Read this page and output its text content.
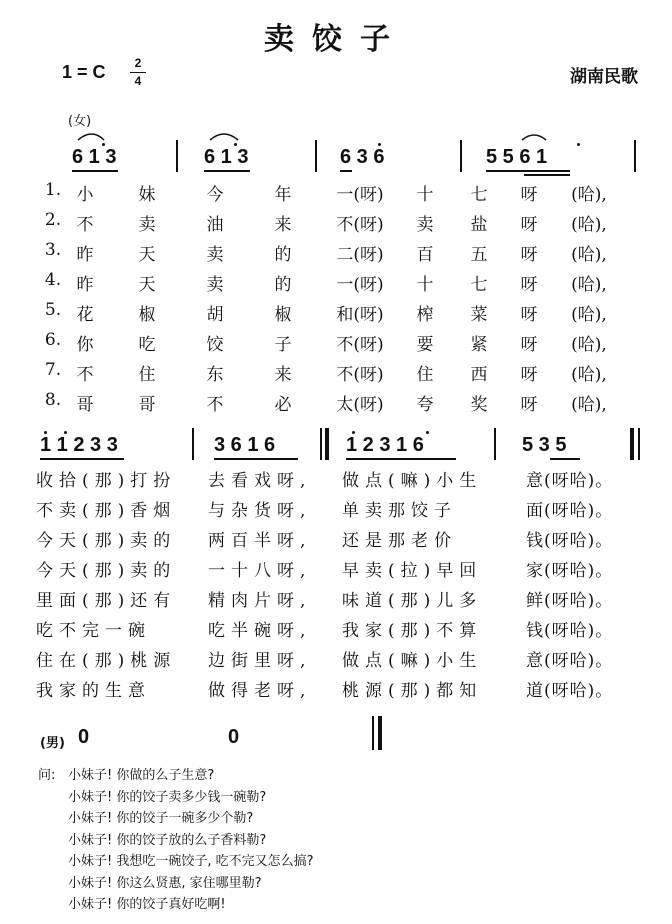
卖饺子
湖南民歌
1 = C	2
4
(女)
6 1 3	6 1 3	6 3 6	5 5 6 1
1. 小	妹	今	年	一(呀)	十	七	呀	(哈),
2. 不	卖	油	来	不(呀)	卖	盐	呀	(哈),
3. 昨	天	卖	的	二(呀)	百	五	呀	(哈),
4. 昨	天	卖	的	一(呀)	十	七	呀	(哈),
5. 花	椒	胡	椒	和(呀)	榨	菜	呀	(哈),
6. 你	吃	饺	子	不(呀)	要	紧	呀	(哈),
7. 不	住	东	来	不(呀)	住	西	呀	(哈),
8. 哥	哥	不	必	太(呀)	夸	奖	呀	(哈),
1 1 2 3 3	3 6 1 6	1 2 3 1 6	5 3 5
收拾(那)打扮 去看戏呀, 做点(嘛)小生	意(呀哈)。
不卖(那)香烟 与杂货呀, 单卖那饺子	面(呀哈)。
今天(那)卖的 两百半呀, 还是那老价	钱(呀哈)。
今天(那)卖的 一十八呀, 早卖(拉)早回	家(呀哈)。
里面(那)还有 精肉片呀, 味道(那)儿多	鲜(呀哈)。
吃不完一碗	吃半碗呀, 我家(那)不算	钱(呀哈)。
住在(那)桃源 边街里呀, 做点(嘛)小生	意(呀哈)。
我家的生意	做得老呀, 桃源(那)都知	道(呀哈)。
(男) 0	0
问: 小妹子! 你做的么子生意?
小妹子! 你的饺子卖多少钱一碗勒?
小妹子! 你的饺子一碗多少个勒?
小妹子! 你的饺子放的么子香料勒?
小妹子! 我想吃一碗饺子, 吃不完又怎么搞?
小妹子! 你这么贤惠, 家住哪里勒?
小妹子! 你的饺子真好吃啊!
